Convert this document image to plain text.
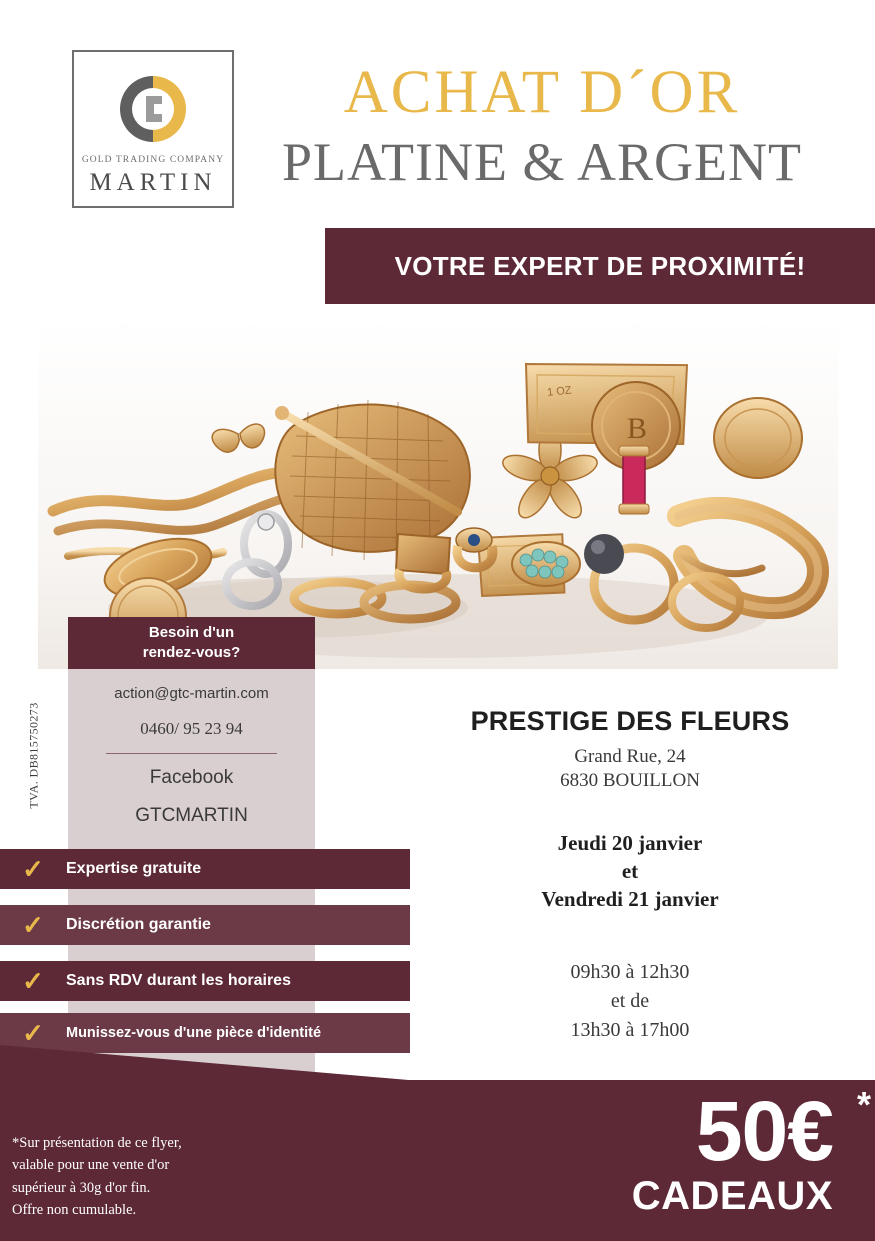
GOLD TRADING COMPANY
MARTIN
ACHAT D´OR
PLATINE & ARGENT
VOTRE EXPERT DE PROXIMITÉ!
1 OZ
B
TVA. DB815750273
Besoin d'un
rendez-vous?
action@gtc-martin.com
0460/ 95 23 94
Facebook
GTCMARTIN
✓	Expertise gratuite
✓	Discrétion garantie
✓	Sans RDV durant les horaires
✓	Munissez-vous d'une pièce d'identité
PRESTIGE DES FLEURS
Grand Rue, 24
6830 BOUILLON
Jeudi 20 janvier
et
Vendredi 21 janvier
09h30 à 12h30
et de
13h30 à 17h00
*
50€
CADEAUX
*Sur présentation de ce flyer,
valable pour une vente d'or
supérieur à 30g d'or fin.
Offre non cumulable.
